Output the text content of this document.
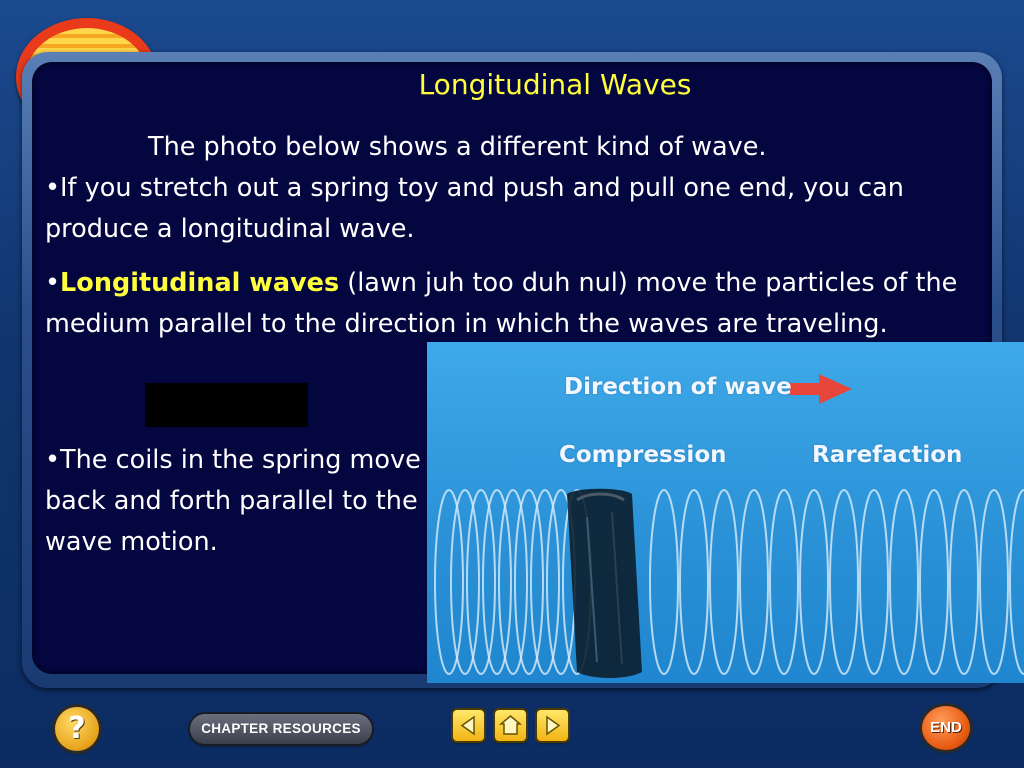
Longitudinal Waves
The photo below shows a different kind of wave.
•If you stretch out a spring toy and push and pull one end, you can produce a longitudinal wave.
•Longitudinal waves (lawn juh too duh nul) move the particles of the medium parallel to the direction in which the waves are traveling.
•The coils in the spring move back and forth parallel to the wave motion.
Direction of wave
Compression	Rarefaction
?	CHAPTER RESOURCES	END
